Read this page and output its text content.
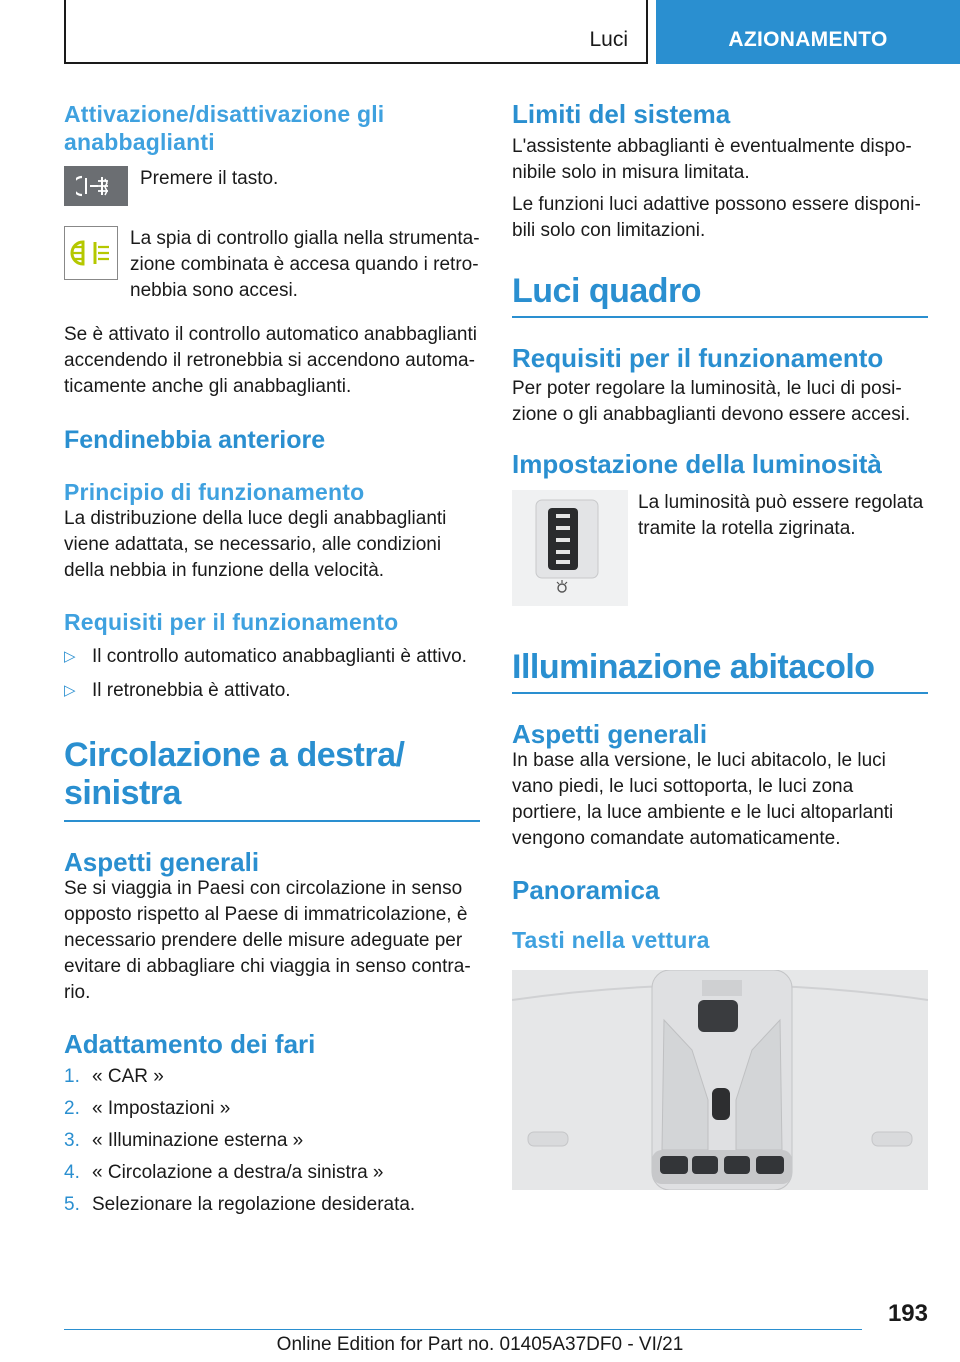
Luci	AZIONAMENTO
Attivazione/disattivazione gli anabbaglianti

Premere il tasto.

La spia di controllo gialla nella strumentazione combinata è accesa quando i retronebbia sono accesi.

Se è attivato il controllo automatico anabbaglianti accendendo il retronebbia si accendono automaticamente anche gli anabbaglianti.

Fendinebbia anteriore
Principio di funzionamento

La distribuzione della luce degli anabbaglianti viene adattata, se necessario, alle condizioni della nebbia in funzione della velocità.

Requisiti per il funzionamento
▷ Il controllo automatico anabbaglianti è attivo.
▷ Il retronebbia è attivato.
Circolazione a destra/ sinistra
Aspetti generali

Se si viaggia in Paesi con circolazione in senso opposto rispetto al Paese di immatricolazione, è necessario prendere delle misure adeguate per evitare di abbagliare chi viaggia in senso contrario.

Adattamento dei fari
1. « CAR »
2. « Impostazioni »
3. « Illuminazione esterna »
4. « Circolazione a destra/a sinistra »
5. Selezionare la regolazione desiderata.
Limiti del sistema

L'assistente abbaglianti è eventualmente disponibile solo in misura limitata.

Le funzioni luci adattive possono essere disponibili solo con limitazioni.

Luci quadro
Requisiti per il funzionamento

Per poter regolare la luminosità, le luci di posizione o gli anabbaglianti devono essere accesi.

Impostazione della luminosità

La luminosità può essere regolata tramite la rotella zigrinata.

Illuminazione abitacolo
Aspetti generali

In base alla versione, le luci abitacolo, le luci vano piedi, le luci sottoporta, le luci zona portiere, la luce ambiente e le luci altoparlanti vengono comandate automaticamente.

Panoramica
Tasti nella vettura
193
Online Edition for Part no. 01405A37DF0 - VI/21
